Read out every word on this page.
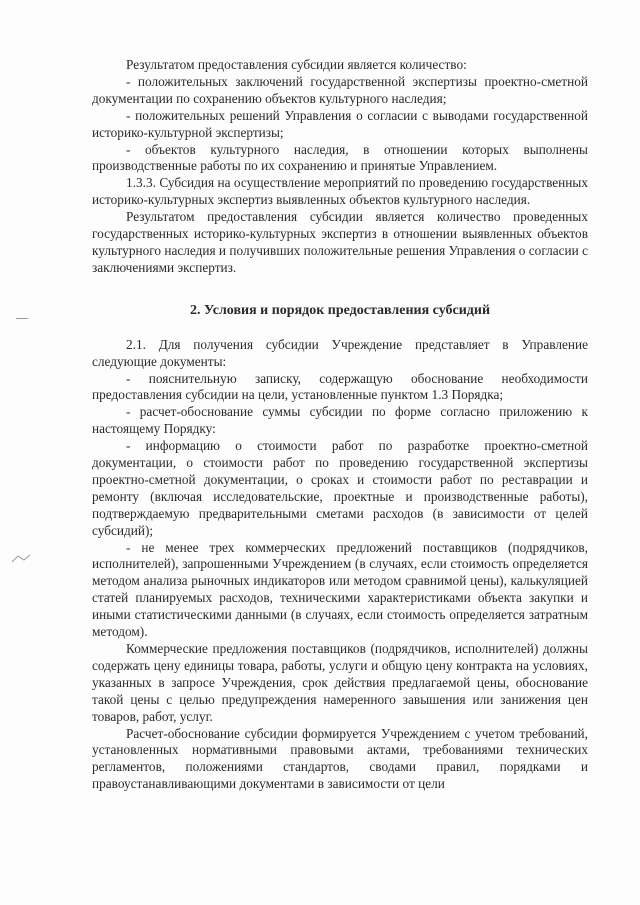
Результатом предоставления субсидии является количество:

- положительных заключений государственной экспертизы проектно-сметной документации по сохранению объектов культурного наследия;

- положительных решений Управления о согласии с выводами государственной историко-культурной экспертизы;

- объектов культурного наследия, в отношении которых выполнены производственные работы по их сохранению и принятые Управлением.

1.3.3. Субсидия на осуществление мероприятий по проведению государственных историко-культурных экспертиз выявленных объектов культурного наследия.

Результатом предоставления субсидии является количество проведенных государственных историко-культурных экспертиз в отношении выявленных объектов культурного наследия и получивших положительные решения Управления о согласии с заключениями экспертиз.

2. Условия и порядок предоставления субсидий

2.1. Для получения субсидии Учреждение представляет в Управление следующие документы:

- пояснительную записку, содержащую обоснование необходимости предоставления субсидии на цели, установленные пунктом 1.3 Порядка;

- расчет-обоснование суммы субсидии по форме согласно приложению к настоящему Порядку:

- информацию о стоимости работ по разработке проектно-сметной документации, о стоимости работ по проведению государственной экспертизы проектно-сметной документации, о сроках и стоимости работ по реставрации и ремонту (включая исследовательские, проектные и производственные работы), подтверждаемую предварительными сметами расходов (в зависимости от целей субсидий);

- не менее трех коммерческих предложений поставщиков (подрядчиков, исполнителей), запрошенными Учреждением (в случаях, если стоимость определяется методом анализа рыночных индикаторов или методом сравнимой цены), калькуляцией статей планируемых расходов, техническими характеристиками объекта закупки и иными статистическими данными (в случаях, если стоимость определяется затратным методом).

Коммерческие предложения поставщиков (подрядчиков, исполнителей) должны содержать цену единицы товара, работы, услуги и общую цену контракта на условиях, указанных в запросе Учреждения, срок действия предлагаемой цены, обоснование такой цены с целью предупреждения намеренного завышения или занижения цен товаров, работ, услуг.

Расчет-обоснование субсидии формируется Учреждением с учетом требований, установленных нормативными правовыми актами, требованиями технических регламентов, положениями стандартов, сводами правил, порядками и правоустанавливающими документами в зависимости от цели
